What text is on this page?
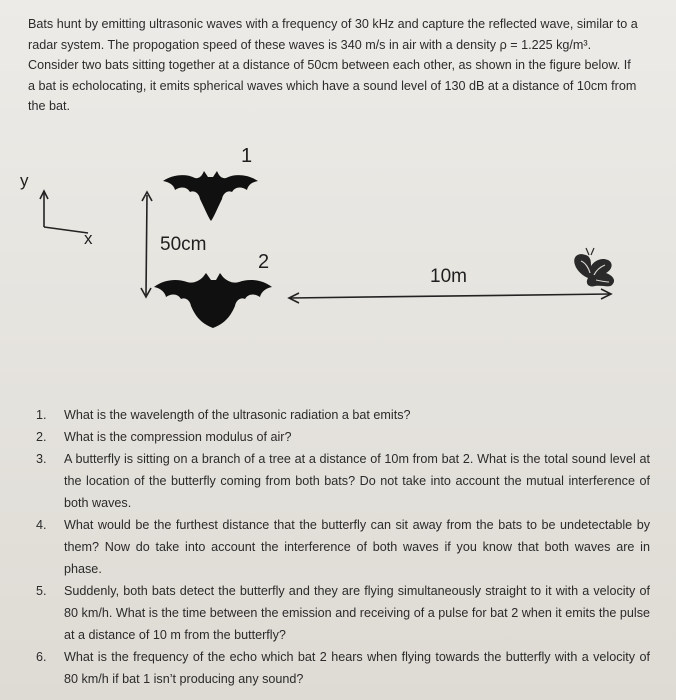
Bats hunt by emitting ultrasonic waves with a frequency of 30 kHz and capture the reflected wave, similar to a radar system. The propogation speed of these waves is 340 m/s in air with a density ρ = 1.225 kg/m³. Consider two bats sitting together at a distance of 50cm between each other, as shown in the figure below. If a bat is echolocating, it emits spherical waves which have a sound level of 130 dB at a distance of 10cm from the bat.
y
x
1
2
50cm
10m
1. What is the wavelength of the ultrasonic radiation a bat emits?
2. What is the compression modulus of air?
3. A butterfly is sitting on a branch of a tree at a distance of 10m from bat 2. What is the total sound level at the location of the butterfly coming from both bats? Do not take into account the mutual interference of both waves.
4. What would be the furthest distance that the butterfly can sit away from the bats to be undetectable by them? Now do take into account the interference of both waves if you know that both waves are in phase.
5. Suddenly, both bats detect the butterfly and they are flying simultaneously straight to it with a velocity of 80 km/h. What is the time between the emission and receiving of a pulse for bat 2 when it emits the pulse at a distance of 10 m from the butterfly?
6. What is the frequency of the echo which bat 2 hears when flying towards the butterfly with a velocity of 80 km/h if bat 1 isn’t producing any sound?
